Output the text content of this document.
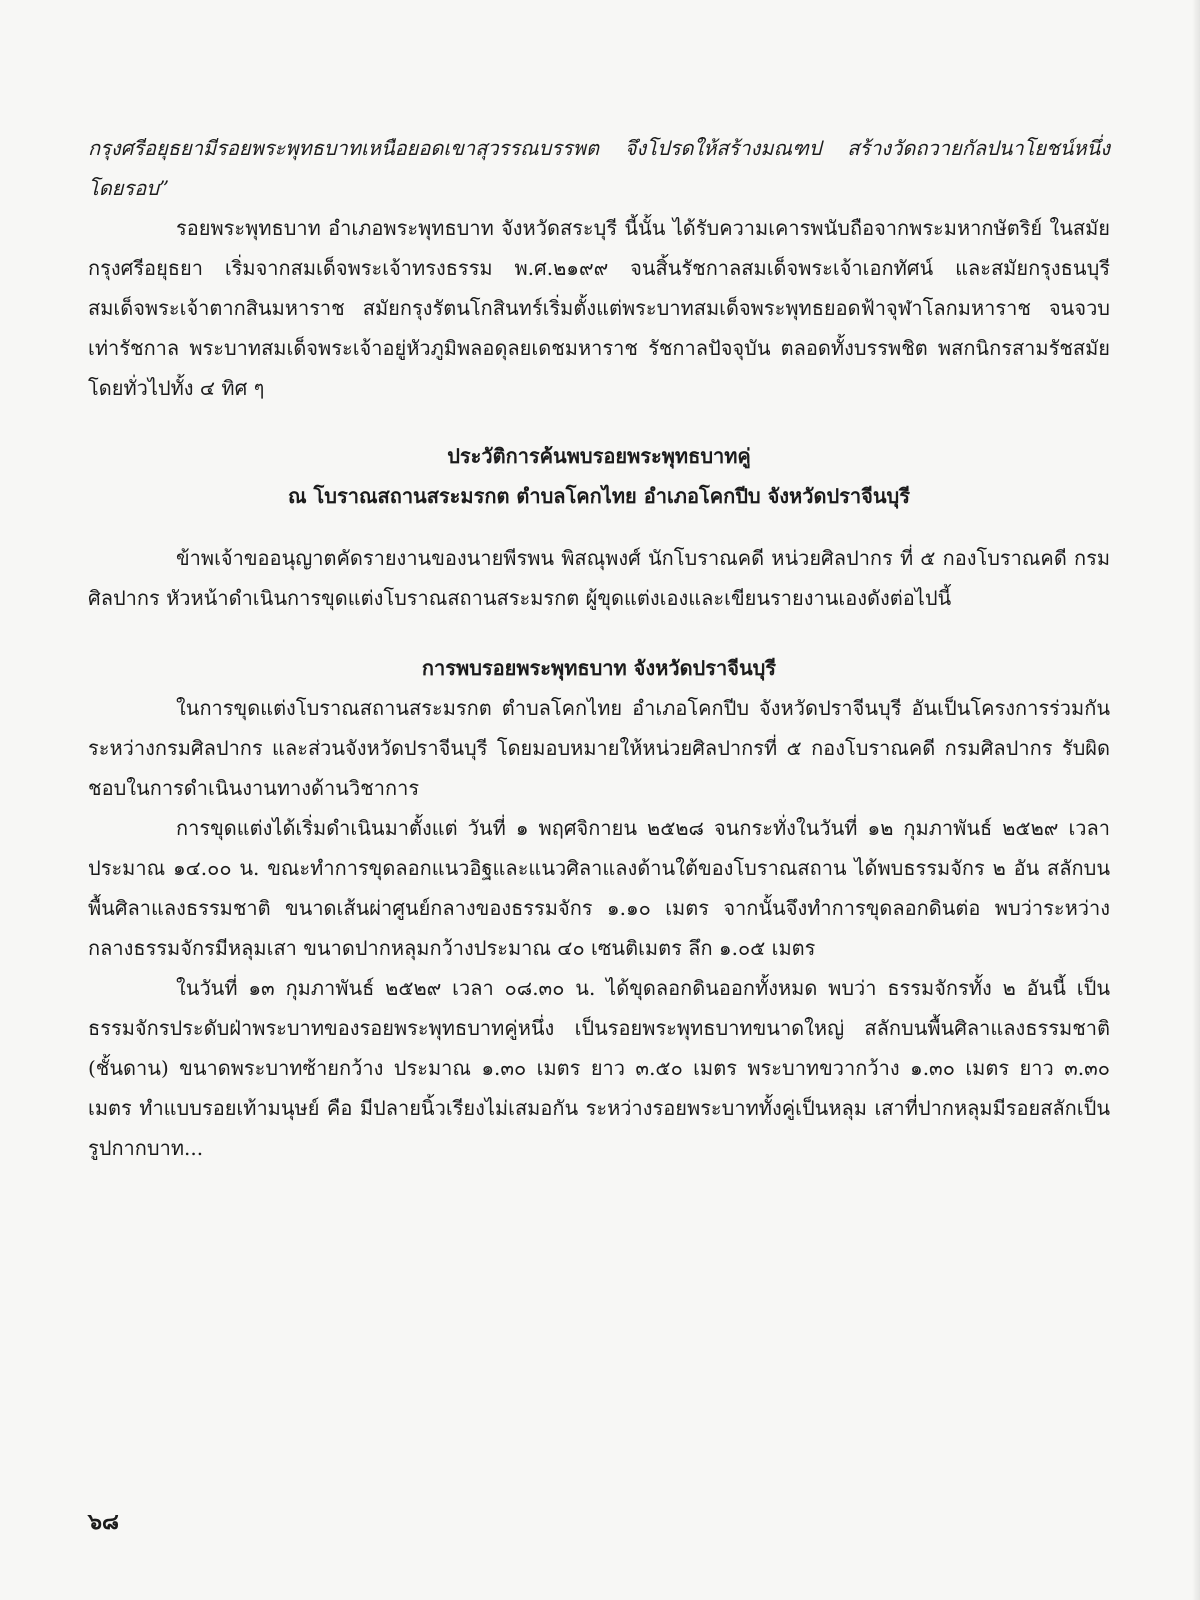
กรุงศรีอยุธยามีรอยพระพุทธบาทเหนือยอดเขาสุวรรณบรรพต จึงโปรดให้สร้างมณฑป สร้างวัดถวายกัลปนาโยชน์หนึ่ง โดยรอบ”

รอยพระพุทธบาท อำเภอพระพุทธบาท จังหวัดสระบุรี นี้นั้น ได้รับความเคารพนับถือจากพระมหากษัตริย์ ในสมัยกรุงศรีอยุธยา เริ่มจากสมเด็จพระเจ้าทรงธรรม พ.ศ.๒๑๙๙ จนสิ้นรัชกาลสมเด็จพระเจ้าเอกทัศน์ และสมัยกรุงธนบุรี สมเด็จพระเจ้าตากสินมหาราช สมัยกรุงรัตนโกสินทร์เริ่มตั้งแต่พระบาทสมเด็จพระพุทธยอดฟ้าจุฬาโลกมหาราช จนจวบเท่ารัชกาล พระบาทสมเด็จพระเจ้าอยู่หัวภูมิพลอดุลยเดชมหาราช รัชกาลปัจจุบัน ตลอดทั้งบรรพชิต พสกนิกรสามรัชสมัยโดยทั่วไปทั้ง ๔ ทิศ ๆ

ประวัติการค้นพบรอยพระพุทธบาทคู่
ณ โบราณสถานสระมรกต ตำบลโคกไทย อำเภอโคกปีบ จังหวัดปราจีนบุรี

ข้าพเจ้าขออนุญาตคัดรายงานของนายพีรพน พิสณุพงศ์ นักโบราณคดี หน่วยศิลปากร ที่ ๕ กองโบราณคดี กรมศิลปากร หัวหน้าดำเนินการขุดแต่งโบราณสถานสระมรกต ผู้ขุดแต่งเองและเขียนรายงานเองดังต่อไปนี้

การพบรอยพระพุทธบาท จังหวัดปราจีนบุรี

ในการขุดแต่งโบราณสถานสระมรกต ตำบลโคกไทย อำเภอโคกปีบ จังหวัดปราจีนบุรี อันเป็นโครงการร่วมกันระหว่างกรมศิลปากร และส่วนจังหวัดปราจีนบุรี โดยมอบหมายให้หน่วยศิลปากรที่ ๕ กองโบราณคดี กรมศิลปากร รับผิดชอบในการดำเนินงานทางด้านวิชาการ

การขุดแต่งได้เริ่มดำเนินมาตั้งแต่ วันที่ ๑ พฤศจิกายน ๒๕๒๘ จนกระทั่งในวันที่ ๑๒ กุมภาพันธ์ ๒๕๒๙ เวลาประมาณ ๑๔.๐๐ น. ขณะทำการขุดลอกแนวอิฐและแนวศิลาแลงด้านใต้ของโบราณสถาน ได้พบธรรมจักร ๒ อัน สลักบนพื้นศิลาแลงธรรมชาติ ขนาดเส้นผ่าศูนย์กลางของธรรมจักร ๑.๑๐ เมตร จากนั้นจึงทำการขุดลอกดินต่อ พบว่าระหว่างกลางธรรมจักรมีหลุมเสา ขนาดปากหลุมกว้างประมาณ ๔๐ เซนติเมตร ลึก ๑.๐๕ เมตร

ในวันที่ ๑๓ กุมภาพันธ์ ๒๕๒๙ เวลา ๐๘.๓๐ น. ได้ขุดลอกดินออกทั้งหมด พบว่า ธรรมจักรทั้ง ๒ อันนี้ เป็นธรรมจักรประดับฝ่าพระบาทของรอยพระพุทธบาทคู่หนึ่ง เป็นรอยพระพุทธบาทขนาดใหญ่ สลักบนพื้นศิลาแลงธรรมชาติ (ชั้นดาน) ขนาดพระบาทซ้ายกว้าง ประมาณ ๑.๓๐ เมตร ยาว ๓.๕๐ เมตร พระบาทขวากว้าง ๑.๓๐ เมตร ยาว ๓.๓๐ เมตร ทำแบบรอยเท้ามนุษย์ คือ มีปลายนิ้วเรียงไม่เสมอกัน ระหว่างรอยพระบาททั้งคู่เป็นหลุม เสาที่ปากหลุมมีรอยสลักเป็นรูปกากบาท...

๖๘
